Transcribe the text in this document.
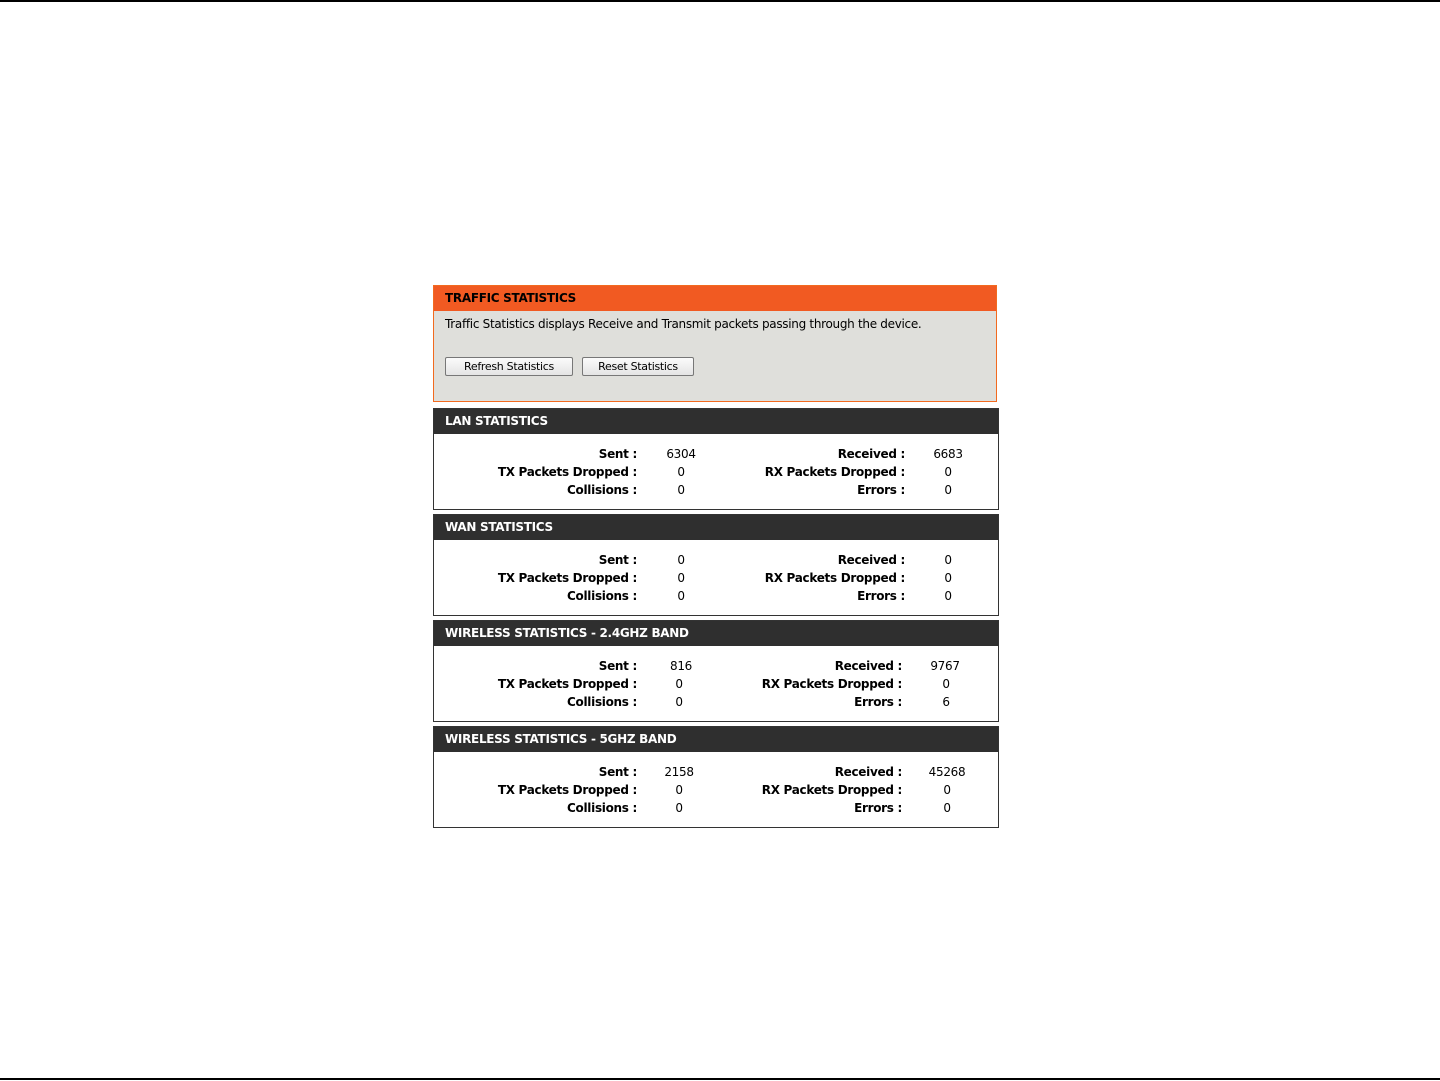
TRAFFIC STATISTICS
Traffic Statistics displays Receive and Transmit packets passing through the device.
Refresh Statistics	Reset Statistics
LAN STATISTICS
Sent :	6304	Received :	6683
TX Packets Dropped :	0	RX Packets Dropped :	0
Collisions :	0	Errors :	0
WAN STATISTICS
Sent :	0	Received :	0
TX Packets Dropped :	0	RX Packets Dropped :	0
Collisions :	0	Errors :	0
WIRELESS STATISTICS - 2.4GHZ BAND
Sent :	816	Received :	9767
TX Packets Dropped :	0	RX Packets Dropped :	0
Collisions :	0	Errors :	6
WIRELESS STATISTICS - 5GHZ BAND
Sent :	2158	Received : 45268
TX Packets Dropped :	0	RX Packets Dropped :	0
Collisions :	0	Errors :	0
